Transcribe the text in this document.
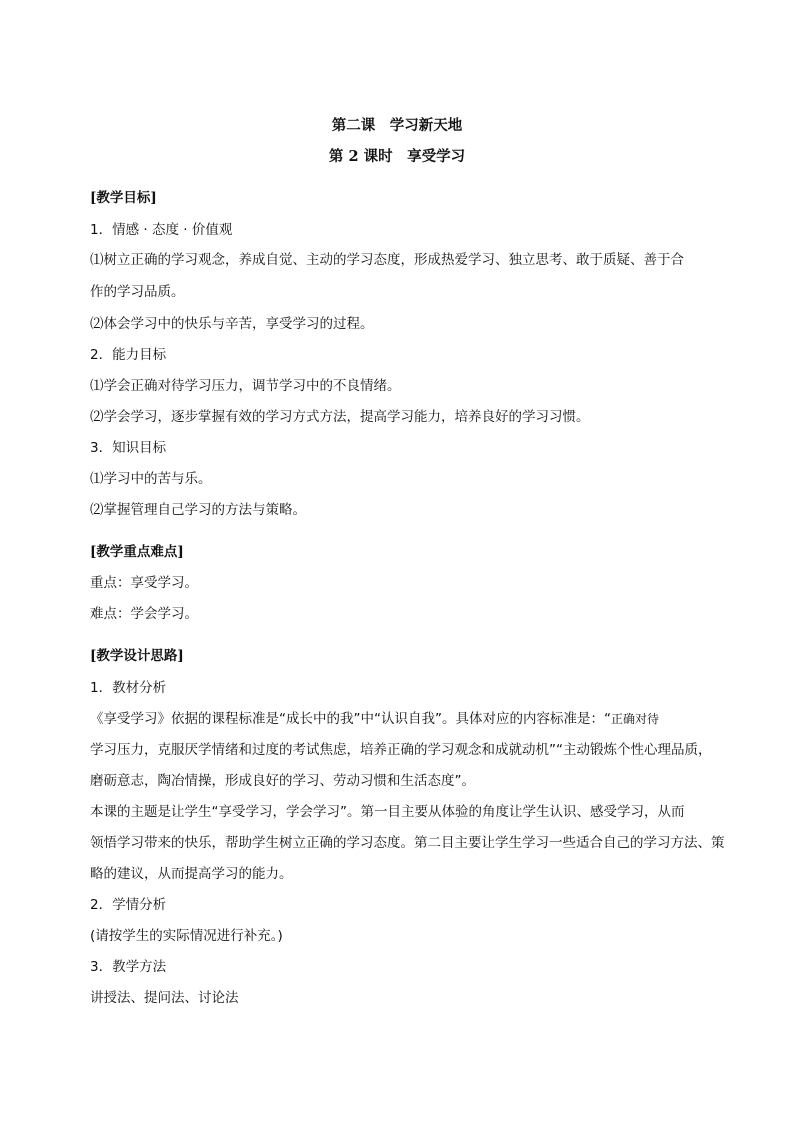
第二课　学习新天地
第 2 课时　享受学习
[教学目标]
1．情感 · 态度 · 价值观
⑴树立正确的学习观念，养成自觉、主动的学习态度，形成热爱学习、独立思考、敢于质疑、善于合
作的学习品质。
⑵体会学习中的快乐与辛苦，享受学习的过程。
2．能力目标
⑴学会正确对待学习压力，调节学习中的不良情绪。
⑵学会学习，逐步掌握有效的学习方式方法，提高学习能力，培养良好的学习习惯。
3．知识目标
⑴学习中的苦与乐。
⑵掌握管理自己学习的方法与策略。
[教学重点难点]
重点：享受学习。
难点：学会学习。
[教学设计思路]
1．教材分析
《享受学习》依据的课程标准是“成长中的我”中“认识自我”。具体对应的内容标准是：“正确对待
学习压力，克服厌学情绪和过度的考试焦虑，培养正确的学习观念和成就动机”“主动锻炼个性心理品质，
磨砺意志，陶冶情操，形成良好的学习、劳动习惯和生活态度”。
本课的主题是让学生“享受学习，学会学习”。第一目主要从体验的角度让学生认识、感受学习，从而
领悟学习带来的快乐，帮助学生树立正确的学习态度。第二目主要让学生学习一些适合自己的学习方法、策
略的建议，从而提高学习的能力。
2．学情分析
(请按学生的实际情况进行补充。)
3．教学方法
讲授法、提问法、讨论法
